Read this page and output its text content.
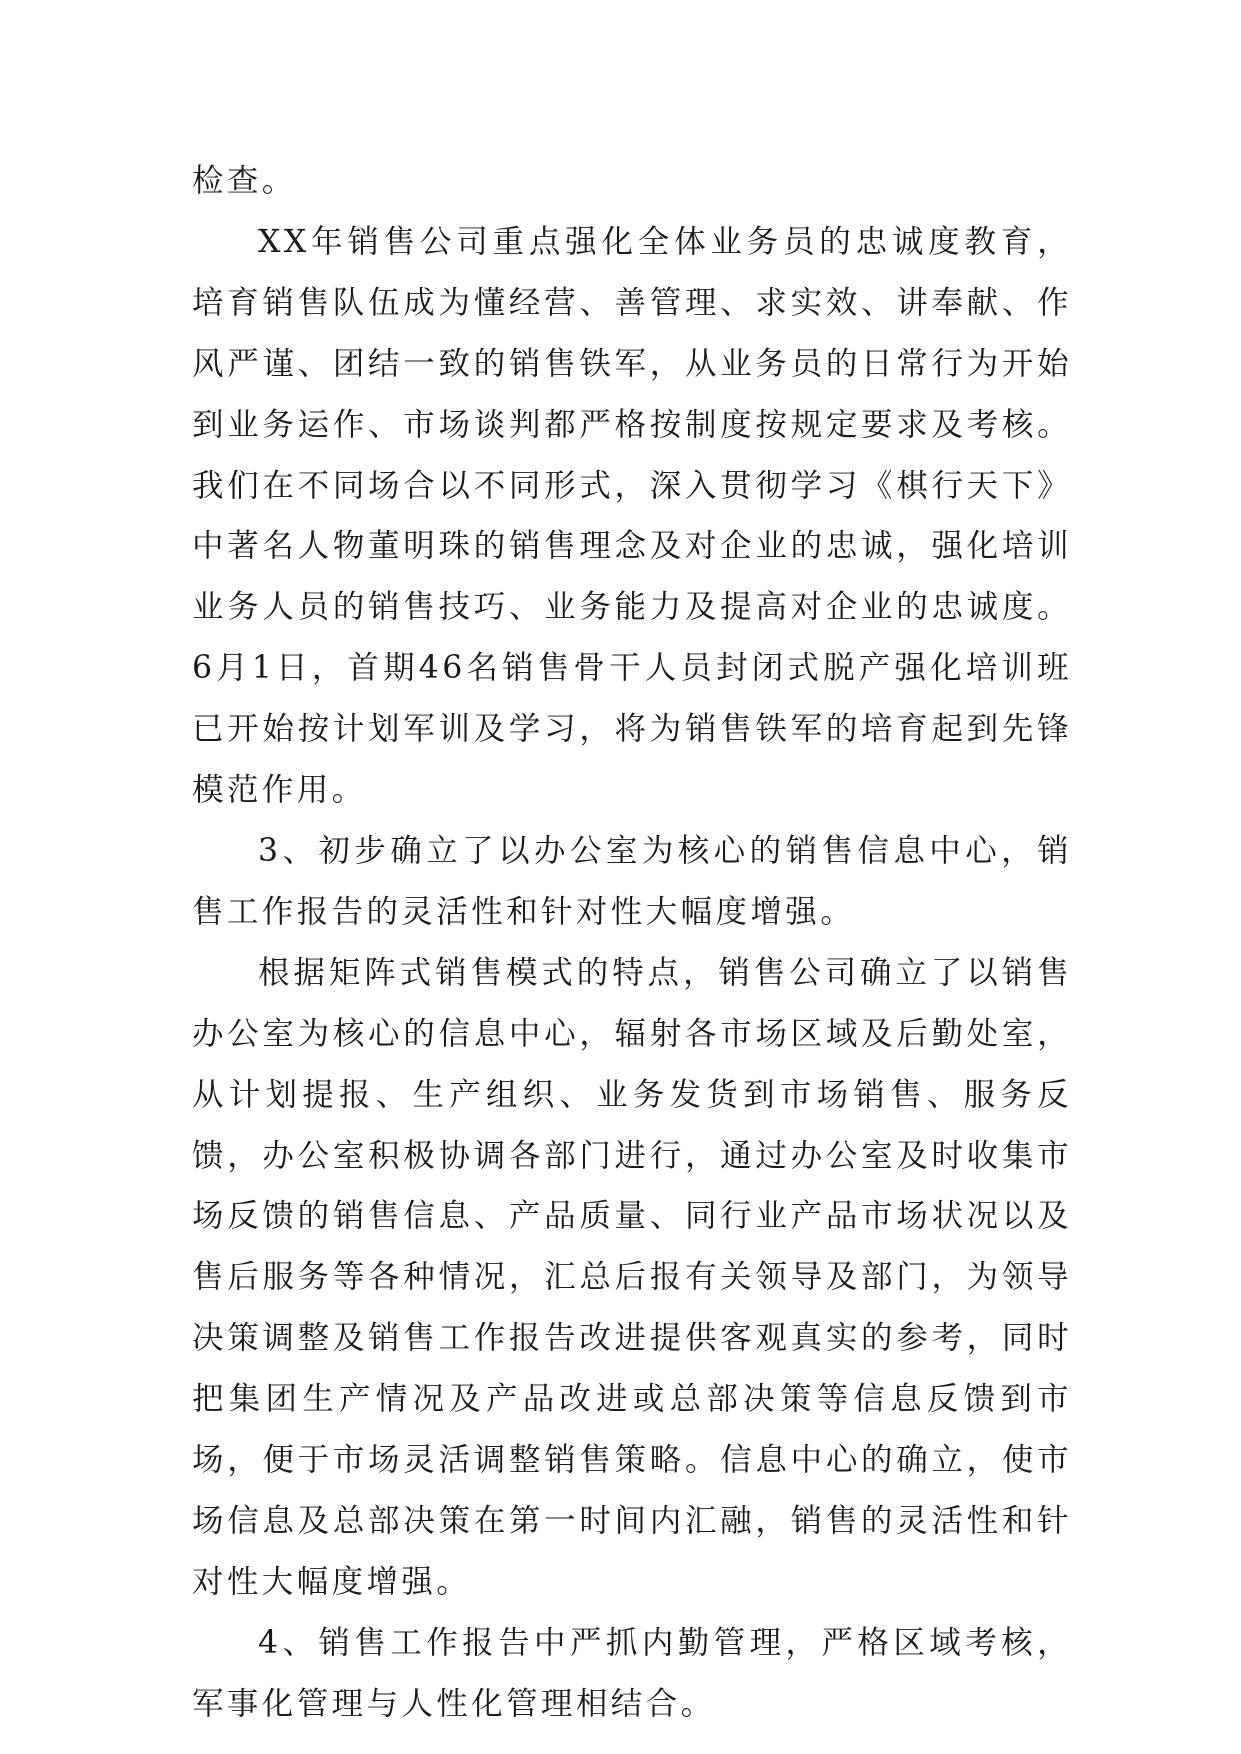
检查。

XX年销售公司重点强化全体业务员的忠诚度教育，培育销售队伍成为懂经营、善管理、求实效、讲奉献、作风严谨、团结一致的销售铁军，从业务员的日常行为开始到业务运作、市场谈判都严格按制度按规定要求及考核。我们在不同场合以不同形式，深入贯彻学习《棋行天下》中著名人物董明珠的销售理念及对企业的忠诚，强化培训业务人员的销售技巧、业务能力及提高对企业的忠诚度。6月1日，首期46名销售骨干人员封闭式脱产强化培训班已开始按计划军训及学习，将为销售铁军的培育起到先锋模范作用。

3、初步确立了以办公室为核心的销售信息中心，销售工作报告的灵活性和针对性大幅度增强。

根据矩阵式销售模式的特点，销售公司确立了以销售办公室为核心的信息中心，辐射各市场区域及后勤处室，从计划提报、生产组织、业务发货到市场销售、服务反馈，办公室积极协调各部门进行，通过办公室及时收集市场反馈的销售信息、产品质量、同行业产品市场状况以及售后服务等各种情况，汇总后报有关领导及部门，为领导决策调整及销售工作报告改进提供客观真实的参考，同时把集团生产情况及产品改进或总部决策等信息反馈到市场，便于市场灵活调整销售策略。信息中心的确立，使市场信息及总部决策在第一时间内汇融，销售的灵活性和针对性大幅度增强。

4、销售工作报告中严抓内勤管理，严格区域考核，军事化管理与人性化管理相结合。
